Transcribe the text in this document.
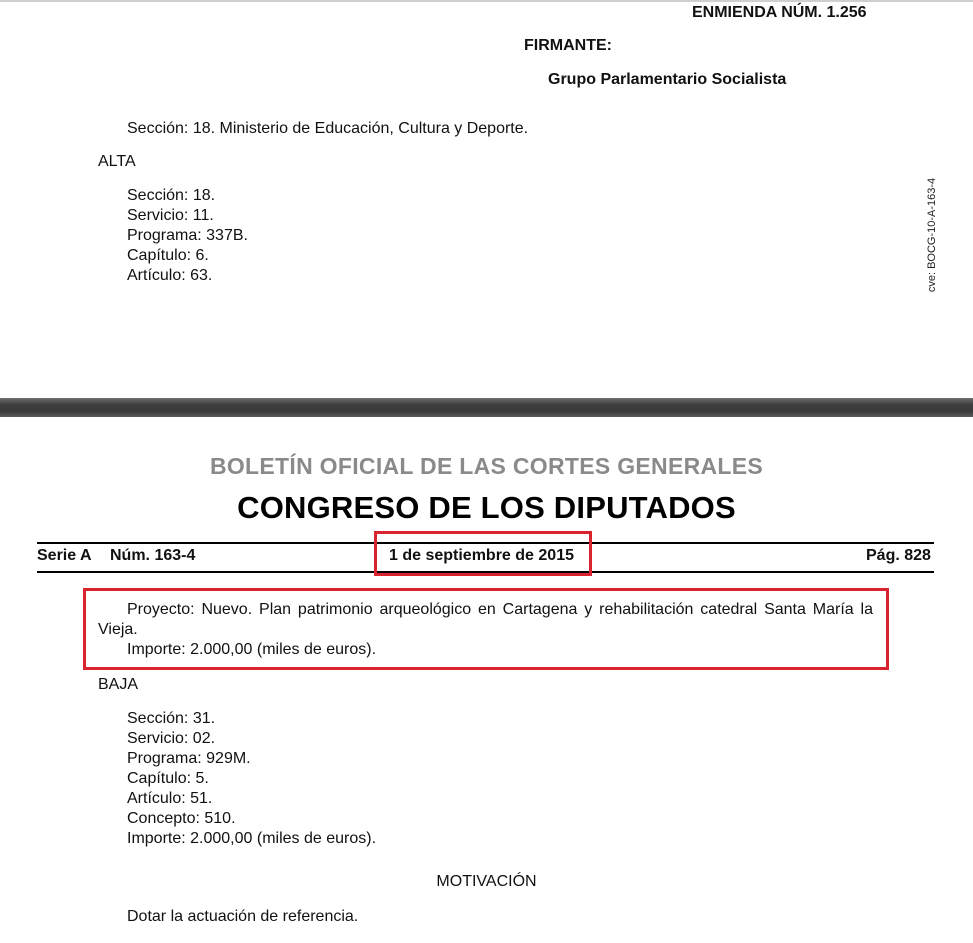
ENMIENDA NÚM. 1.256
FIRMANTE:
Grupo Parlamentario Socialista
Sección: 18. Ministerio de Educación, Cultura y Deporte.
ALTA
Sección: 18.
Servicio: 11.
Programa: 337B.
Capítulo: 6.
Artículo: 63.	cve: BOCG-10-A-163-4
BOLETÍN OFICIAL DE LAS CORTES GENERALES
CONGRESO DE LOS DIPUTADOS
Serie A Núm. 163-4	1 de septiembre de 2015	Pág. 828
Proyecto: Nuevo. Plan patrimonio arqueológico en Cartagena y rehabilitación catedral Santa María la Vieja.
Importe: 2.000,00 (miles de euros).
BAJA
Sección: 31.
Servicio: 02.
Programa: 929M.
Capítulo: 5.
Artículo: 51.
Concepto: 510.
Importe: 2.000,00 (miles de euros).
MOTIVACIÓN
Dotar la actuación de referencia.
